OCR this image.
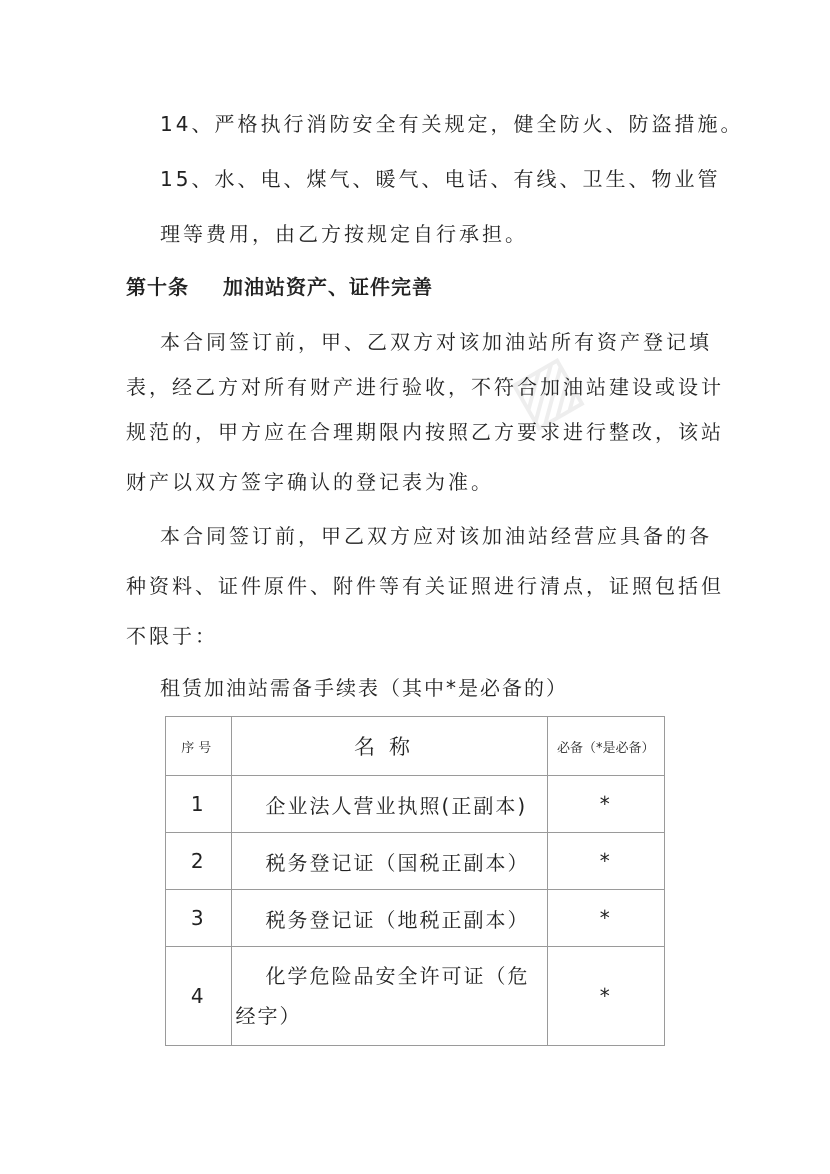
▨
14、严格执行消防安全有关规定，健全防火、防盗措施。
15、水、电、煤气、暖气、电话、有线、卫生、物业管
理等费用，由乙方按规定自行承担。
第十条 加油站资产、证件完善
本合同签订前，甲、乙双方对该加油站所有资产登记填
表，经乙方对所有财产进行验收，不符合加油站建设或设计
规范的，甲方应在合理期限内按照乙方要求进行整改，该站
财产以双方签字确认的登记表为准。
本合同签订前，甲乙双方应对该加油站经营应具备的各
种资料、证件原件、附件等有关证照进行清点，证照包括但
不限于：
租赁加油站需备手续表（其中*是必备的）
序号	名称	必备（*是必备）
1	企业法人营业执照(正副本)	*
2	税务登记证（国税正副本）	*
3	税务登记证（地税正副本）	*
4	化学危险品安全许可证（危经字）	*
